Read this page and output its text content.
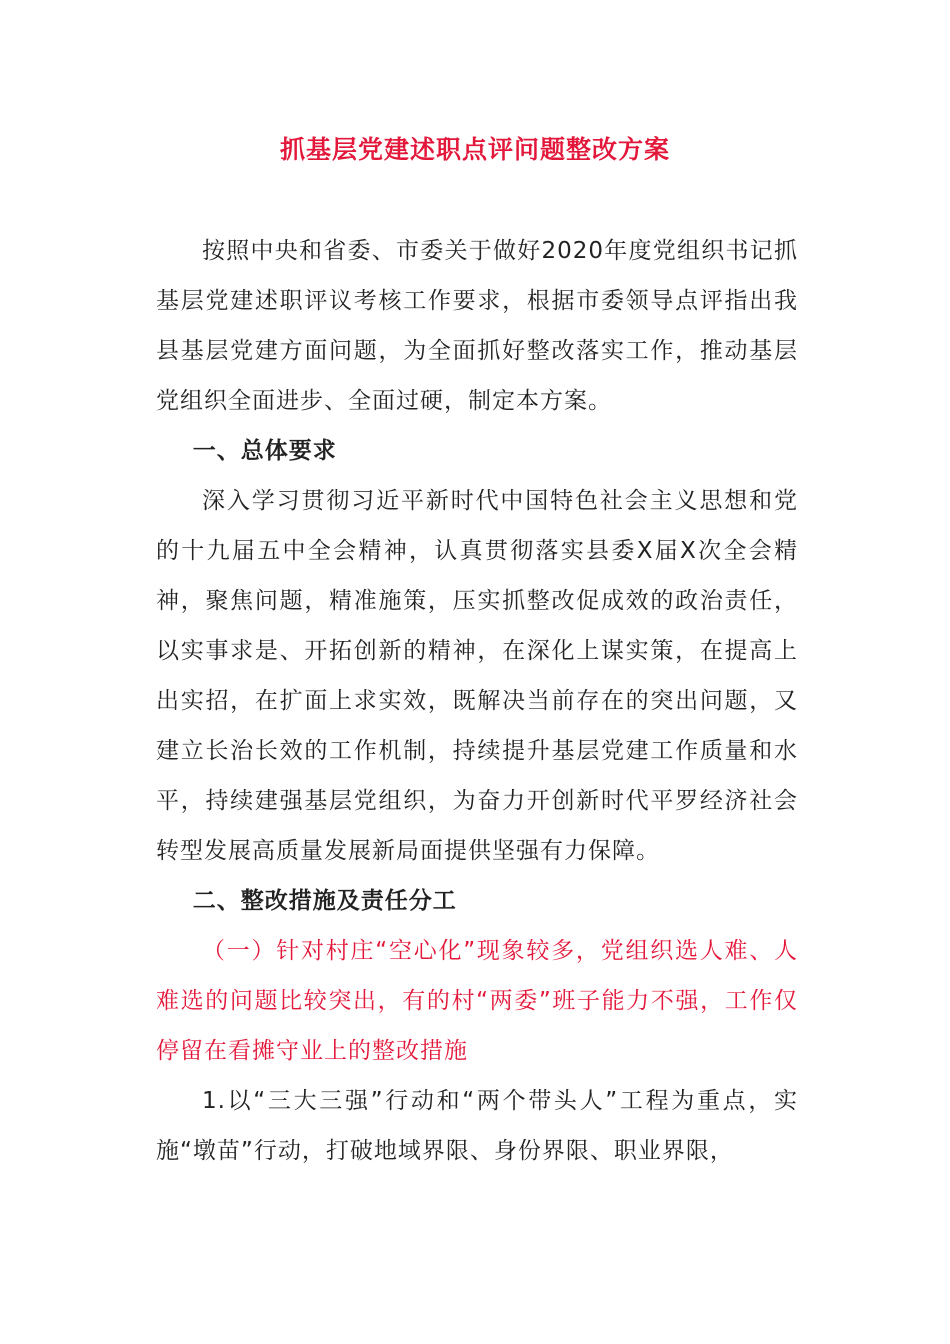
抓基层党建述职点评问题整改方案

按照中央和省委、市委关于做好2020年度党组织书记抓基层党建述职评议考核工作要求，根据市委领导点评指出我县基层党建方面问题，为全面抓好整改落实工作，推动基层党组织全面进步、全面过硬，制定本方案。

一、总体要求

深入学习贯彻习近平新时代中国特色社会主义思想和党的十九届五中全会精神，认真贯彻落实县委X届X次全会精神，聚焦问题，精准施策，压实抓整改促成效的政治责任，以实事求是、开拓创新的精神，在深化上谋实策，在提高上出实招，在扩面上求实效，既解决当前存在的突出问题，又建立长治长效的工作机制，持续提升基层党建工作质量和水平，持续建强基层党组织，为奋力开创新时代平罗经济社会转型发展高质量发展新局面提供坚强有力保障。

二、整改措施及责任分工

（一）针对村庄“空心化”现象较多，党组织选人难、人难选的问题比较突出，有的村“两委”班子能力不强，工作仅停留在看摊守业上的整改措施

1.以“三大三强”行动和“两个带头人”工程为重点，实施“墩苗”行动，打破地域界限、身份界限、职业界限，
